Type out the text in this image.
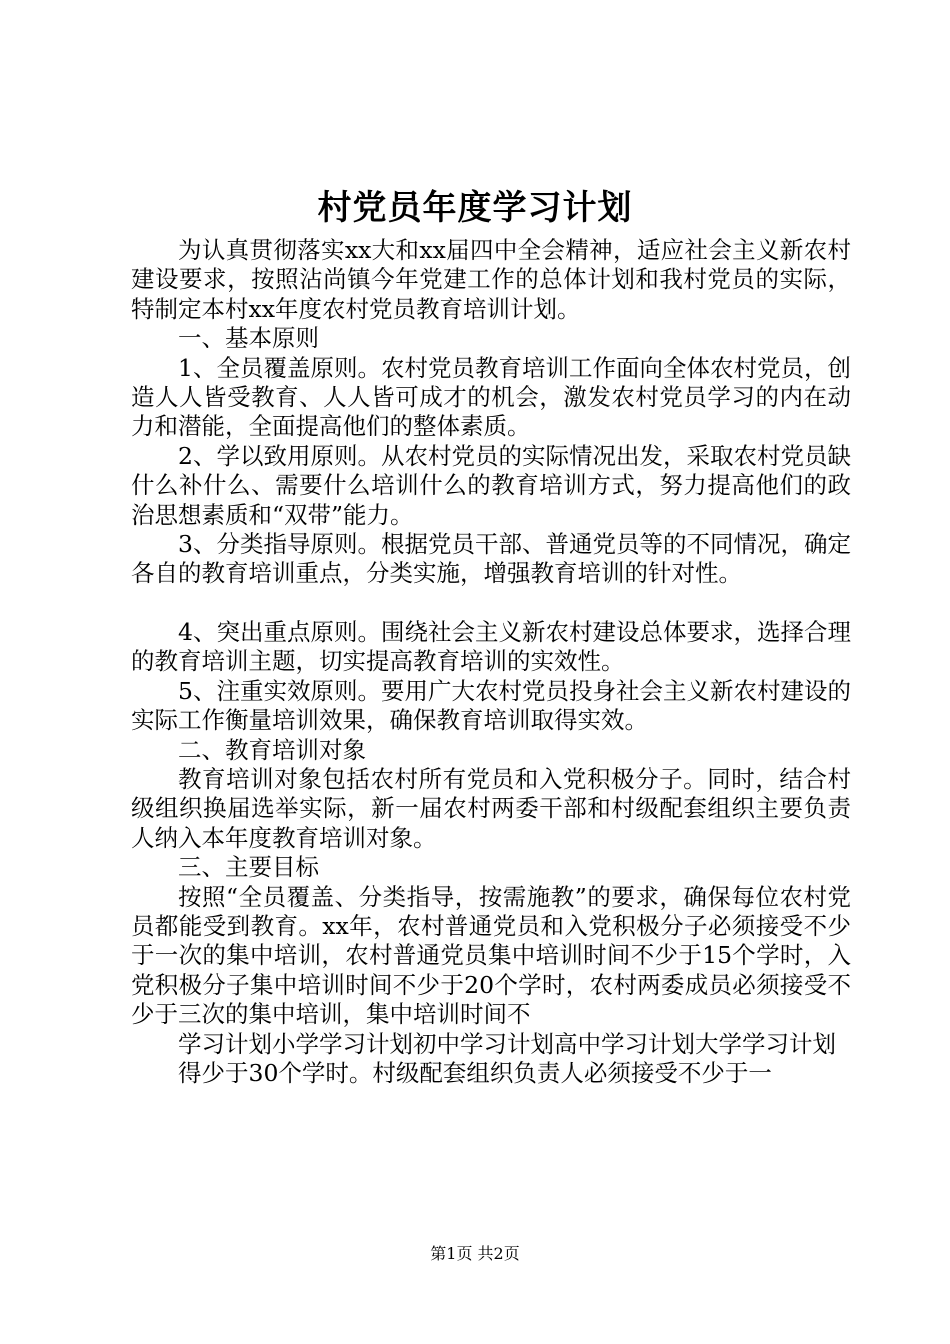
村党员年度学习计划

为认真贯彻落实xx大和xx届四中全会精神，适应社会主义新农村建设要求，按照沾尚镇今年党建工作的总体计划和我村党员的实际，特制定本村xx年度农村党员教育培训计划。

一、基本原则

1、全员覆盖原则。农村党员教育培训工作面向全体农村党员，创造人人皆受教育、人人皆可成才的机会，激发农村党员学习的内在动力和潜能，全面提高他们的整体素质。

2、学以致用原则。从农村党员的实际情况出发，采取农村党员缺什么补什么、需要什么培训什么的教育培训方式，努力提高他们的政治思想素质和“双带”能力。

3、分类指导原则。根据党员干部、普通党员等的不同情况，确定各自的教育培训重点，分类实施，增强教育培训的针对性。

4、突出重点原则。围绕社会主义新农村建设总体要求，选择合理的教育培训主题，切实提高教育培训的实效性。

5、注重实效原则。要用广大农村党员投身社会主义新农村建设的实际工作衡量培训效果，确保教育培训取得实效。

二、教育培训对象

教育培训对象包括农村所有党员和入党积极分子。同时，结合村级组织换届选举实际，新一届农村两委干部和村级配套组织主要负责人纳入本年度教育培训对象。

三、主要目标

按照“全员覆盖、分类指导，按需施教”的要求，确保每位农村党员都能受到教育。xx年，农村普通党员和入党积极分子必须接受不少于一次的集中培训，农村普通党员集中培训时间不少于15个学时，入党积极分子集中培训时间不少于20个学时，农村两委成员必须接受不少于三次的集中培训，集中培训时间不

学习计划小学学习计划初中学习计划高中学习计划大学学习计划

得少于30个学时。村级配套组织负责人必须接受不少于一

第1页 共2页
